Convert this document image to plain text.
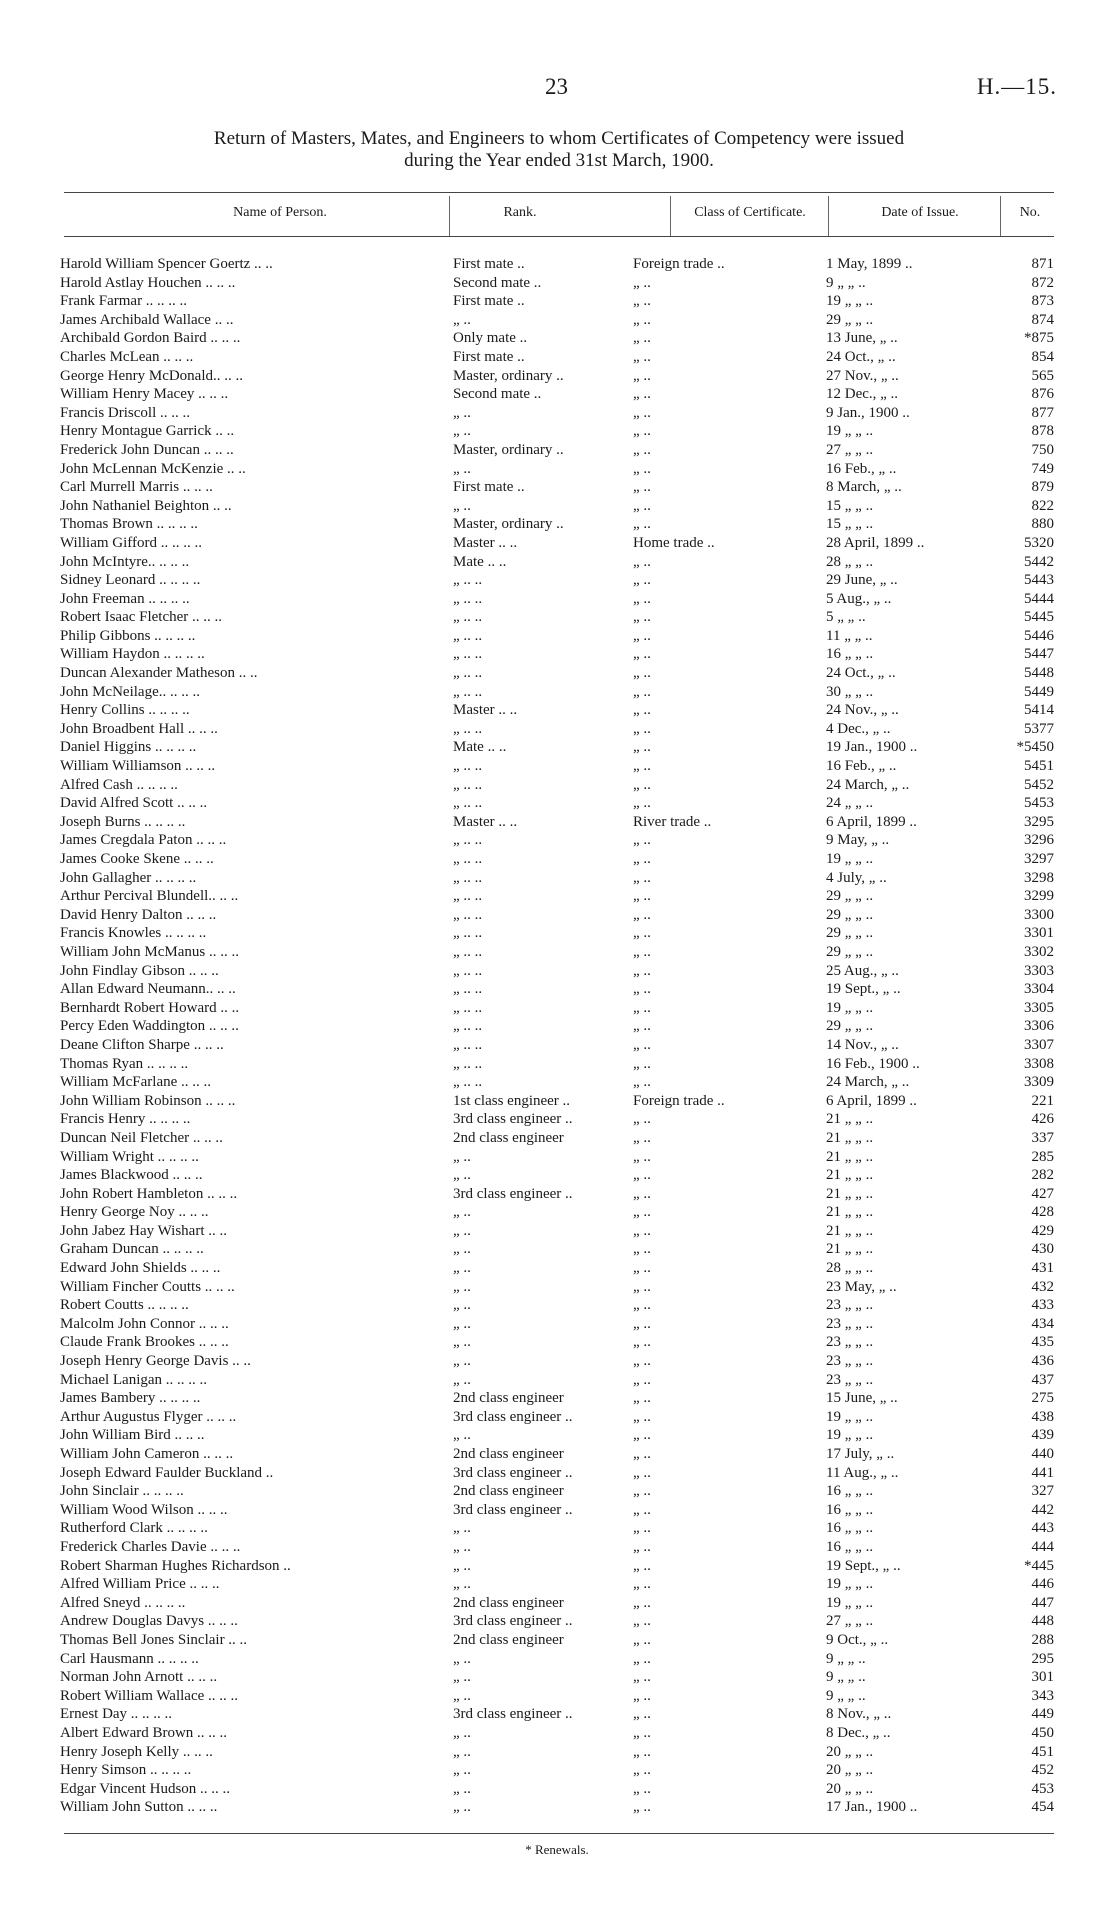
23	H.—15.
Return of Masters, Mates, and Engineers to whom Certificates of Competency were issued
during the Year ended 31st March, 1900.
Name of Person.	Rank.	Class of Certificate.	Date of Issue.	No.
Harold William Spencer Goertz .. ..	First mate ..	Foreign trade ..	1 May, 1899 ..	871
Harold Astlay Houchen .. .. ..	Second mate ..	„ ..	9 „ „ ..	872
Frank Farmar .. .. .. ..	First mate ..	„ ..	19 „ „ ..	873
James Archibald Wallace .. ..	„ ..	„ ..	29 „ „ ..	874
Archibald Gordon Baird .. .. ..	Only mate ..	„ ..	13 June, „ ..	*875
Charles McLean .. .. ..	First mate ..	„ ..	24 Oct., „ ..	854
George Henry McDonald.. .. ..	Master, ordinary ..	„ ..	27 Nov., „ ..	565
William Henry Macey .. .. ..	Second mate ..	„ ..	12 Dec., „ ..	876
Francis Driscoll .. .. ..	„ ..	„ ..	9 Jan., 1900 ..	877
Henry Montague Garrick .. ..	„ ..	„ ..	19 „ „ ..	878
Frederick John Duncan .. .. ..	Master, ordinary ..	„ ..	27 „ „ ..	750
John McLennan McKenzie .. ..	„ ..	„ ..	16 Feb., „ ..	749
Carl Murrell Marris .. .. ..	First mate ..	„ ..	8 March, „ ..	879
John Nathaniel Beighton .. ..	„ ..	„ ..	15 „ „ ..	822
Thomas Brown .. .. .. ..	Master, ordinary ..	„ ..	15 „ „ ..	880
William Gifford .. .. .. ..	Master .. ..	Home trade ..	28 April, 1899 ..	5320
John McIntyre.. .. .. ..	Mate .. ..	„ ..	28 „ „ ..	5442
Sidney Leonard .. .. .. ..	„ .. ..	„ ..	29 June, „ ..	5443
John Freeman .. .. .. ..	„ .. ..	„ ..	5 Aug., „ ..	5444
Robert Isaac Fletcher .. .. ..	„ .. ..	„ ..	5 „ „ ..	5445
Philip Gibbons .. .. .. ..	„ .. ..	„ ..	11 „ „ ..	5446
William Haydon .. .. .. ..	„ .. ..	„ ..	16 „ „ ..	5447
Duncan Alexander Matheson .. ..	„ .. ..	„ ..	24 Oct., „ ..	5448
John McNeilage.. .. .. ..	„ .. ..	„ ..	30 „ „ ..	5449
Henry Collins .. .. .. ..	Master .. ..	„ ..	24 Nov., „ ..	5414
John Broadbent Hall .. .. ..	„ .. ..	„ ..	4 Dec., „ ..	5377
Daniel Higgins .. .. .. ..	Mate .. ..	„ ..	19 Jan., 1900 ..	*5450
William Williamson .. .. ..	„ .. ..	„ ..	16 Feb., „ ..	5451
Alfred Cash .. .. .. ..	„ .. ..	„ ..	24 March, „ ..	5452
David Alfred Scott .. .. ..	„ .. ..	„ ..	24 „ „ ..	5453
Joseph Burns .. .. .. ..	Master .. ..	River trade ..	6 April, 1899 ..	3295
James Cregdala Paton .. .. ..	„ .. ..	„ ..	9 May, „ ..	3296
James Cooke Skene .. .. ..	„ .. ..	„ ..	19 „ „ ..	3297
John Gallagher .. .. .. ..	„ .. ..	„ ..	4 July, „ ..	3298
Arthur Percival Blundell.. .. ..	„ .. ..	„ ..	29 „ „ ..	3299
David Henry Dalton .. .. ..	„ .. ..	„ ..	29 „ „ ..	3300
Francis Knowles .. .. .. ..	„ .. ..	„ ..	29 „ „ ..	3301
William John McManus .. .. ..	„ .. ..	„ ..	29 „ „ ..	3302
John Findlay Gibson .. .. ..	„ .. ..	„ ..	25 Aug., „ ..	3303
Allan Edward Neumann.. .. ..	„ .. ..	„ ..	19 Sept., „ ..	3304
Bernhardt Robert Howard .. ..	„ .. ..	„ ..	19 „ „ ..	3305
Percy Eden Waddington .. .. ..	„ .. ..	„ ..	29 „ „ ..	3306
Deane Clifton Sharpe .. .. ..	„ .. ..	„ ..	14 Nov., „ ..	3307
Thomas Ryan .. .. .. ..	„ .. ..	„ ..	16 Feb., 1900 ..	3308
William McFarlane .. .. ..	„ .. ..	„ ..	24 March, „ ..	3309
John William Robinson .. .. ..	1st class engineer ..	Foreign trade ..	6 April, 1899 ..	221
Francis Henry .. .. .. ..	3rd class engineer ..	„ ..	21 „ „ ..	426
Duncan Neil Fletcher .. .. ..	2nd class engineer	„ ..	21 „ „ ..	337
William Wright .. .. .. ..	„ ..	„ ..	21 „ „ ..	285
James Blackwood .. .. ..	„ ..	„ ..	21 „ „ ..	282
John Robert Hambleton .. .. ..	3rd class engineer ..	„ ..	21 „ „ ..	427
Henry George Noy .. .. ..	„ ..	„ ..	21 „ „ ..	428
John Jabez Hay Wishart .. ..	„ ..	„ ..	21 „ „ ..	429
Graham Duncan .. .. .. ..	„ ..	„ ..	21 „ „ ..	430
Edward John Shields .. .. ..	„ ..	„ ..	28 „ „ ..	431
William Fincher Coutts .. .. ..	„ ..	„ ..	23 May, „ ..	432
Robert Coutts .. .. .. ..	„ ..	„ ..	23 „ „ ..	433
Malcolm John Connor .. .. ..	„ ..	„ ..	23 „ „ ..	434
Claude Frank Brookes .. .. ..	„ ..	„ ..	23 „ „ ..	435
Joseph Henry George Davis .. ..	„ ..	„ ..	23 „ „ ..	436
Michael Lanigan .. .. .. ..	„ ..	„ ..	23 „ „ ..	437
James Bambery .. .. .. ..	2nd class engineer	„ ..	15 June, „ ..	275
Arthur Augustus Flyger .. .. ..	3rd class engineer ..	„ ..	19 „ „ ..	438
John William Bird .. .. ..	„ ..	„ ..	19 „ „ ..	439
William John Cameron .. .. ..	2nd class engineer	„ ..	17 July, „ ..	440
Joseph Edward Faulder Buckland ..	3rd class engineer ..	„ ..	11 Aug., „ ..	441
John Sinclair .. .. .. ..	2nd class engineer	„ ..	16 „ „ ..	327
William Wood Wilson .. .. ..	3rd class engineer ..	„ ..	16 „ „ ..	442
Rutherford Clark .. .. .. ..	„ ..	„ ..	16 „ „ ..	443
Frederick Charles Davie .. .. ..	„ ..	„ ..	16 „ „ ..	444
Robert Sharman Hughes Richardson ..	„ ..	„ ..	19 Sept., „ ..	*445
Alfred William Price .. .. ..	„ ..	„ ..	19 „ „ ..	446
Alfred Sneyd .. .. .. ..	2nd class engineer	„ ..	19 „ „ ..	447
Andrew Douglas Davys .. .. ..	3rd class engineer ..	„ ..	27 „ „ ..	448
Thomas Bell Jones Sinclair .. ..	2nd class engineer	„ ..	9 Oct., „ ..	288
Carl Hausmann .. .. .. ..	„ ..	„ ..	9 „ „ ..	295
Norman John Arnott .. .. ..	„ ..	„ ..	9 „ „ ..	301
Robert William Wallace .. .. ..	„ ..	„ ..	9 „ „ ..	343
Ernest Day .. .. .. ..	3rd class engineer ..	„ ..	8 Nov., „ ..	449
Albert Edward Brown .. .. ..	„ ..	„ ..	8 Dec., „ ..	450
Henry Joseph Kelly .. .. ..	„ ..	„ ..	20 „ „ ..	451
Henry Simson .. .. .. ..	„ ..	„ ..	20 „ „ ..	452
Edgar Vincent Hudson .. .. ..	„ ..	„ ..	20 „ „ ..	453
William John Sutton .. .. ..	„ ..	„ ..	17 Jan., 1900 ..	454
* Renewals.
